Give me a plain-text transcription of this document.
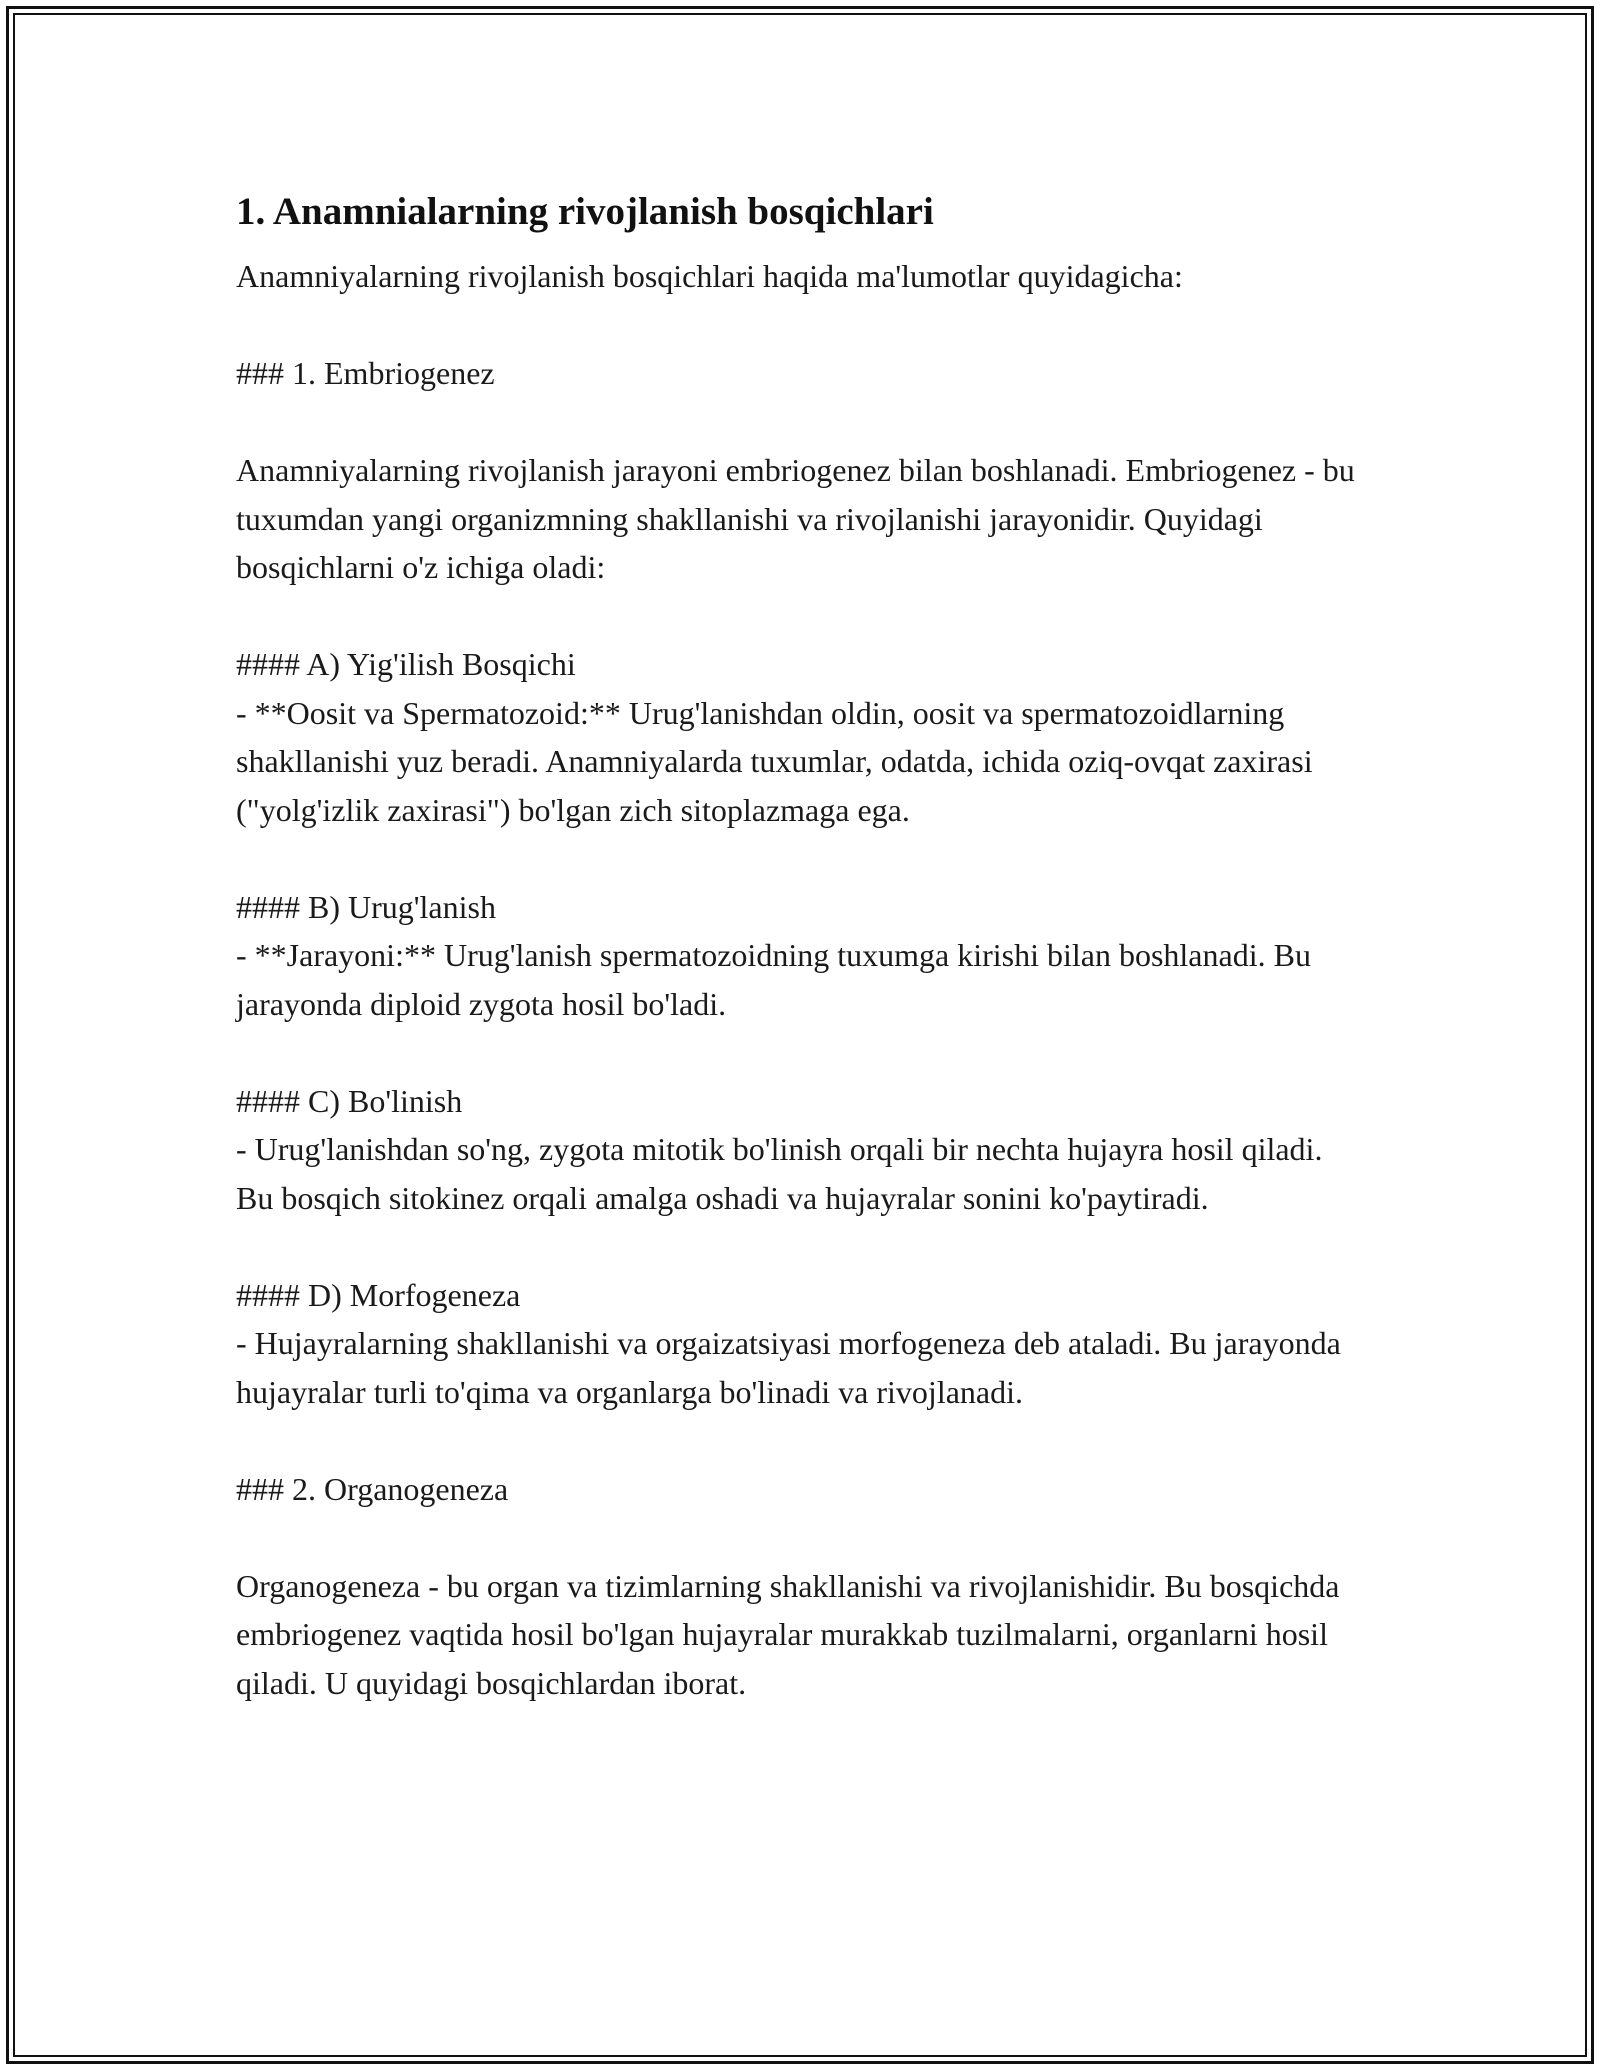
1. Anamnialarning rivojlanish bosqichlari

Anamniyalarning rivojlanish bosqichlari haqida ma'lumotlar quyidagicha:

### 1. Embriogenez

Anamniyalarning rivojlanish jarayoni embriogenez bilan boshlanadi. Embriogenez - bu tuxumdan yangi organizmning shakllanishi va rivojlanishi jarayonidir. Quyidagi bosqichlarni o'z ichiga oladi:

#### A) Yig'ilish Bosqichi
- **Oosit va Spermatozoid:** Urug'lanishdan oldin, oosit va spermatozoidlarning shakllanishi yuz beradi. Anamniyalarda tuxumlar, odatda, ichida oziq-ovqat zaxirasi ("yolg'izlik zaxirasi") bo'lgan zich sitoplazmaga ega.

#### B) Urug'lanish
- **Jarayoni:** Urug'lanish spermatozoidning tuxumga kirishi bilan boshlanadi. Bu jarayonda diploid zygota hosil bo'ladi.

#### C) Bo'linish
- Urug'lanishdan so'ng, zygota mitotik bo'linish orqali bir nechta hujayra hosil qiladi. Bu bosqich sitokinez orqali amalga oshadi va hujayralar sonini ko'paytiradi.

#### D) Morfogeneza
- Hujayralarning shakllanishi va orgaizatsiyasi morfogeneza deb ataladi. Bu jarayonda hujayralar turli to'qima va organlarga bo'linadi va rivojlanadi.

### 2. Organogeneza

Organogeneza - bu organ va tizimlarning shakllanishi va rivojlanishidir. Bu bosqichda embriogenez vaqtida hosil bo'lgan hujayralar murakkab tuzilmalarni, organlarni hosil qiladi. U quyidagi bosqichlardan iborat.
